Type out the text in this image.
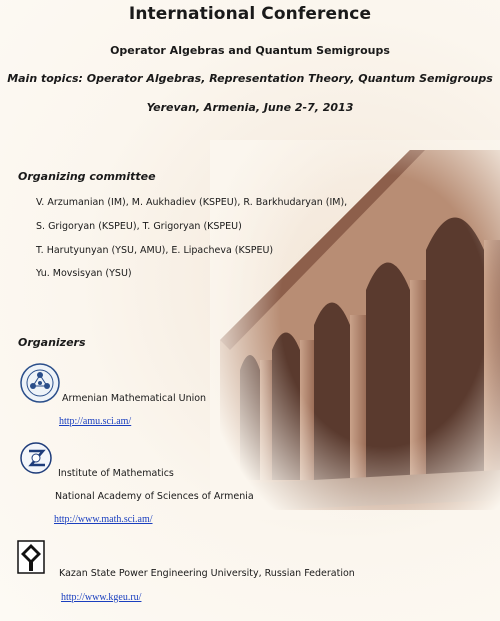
International Conference
Operator Algebras and Quantum Semigroups
Main topics: Operator Algebras, Representation Theory, Quantum Semigroups
Yerevan, Armenia, June 2-7, 2013
Organizing committee
V. Arzumanian (IM), M. Aukhadiev (KSPEU), R. Barkhudaryan (IM),
S. Grigoryan (KSPEU), T. Grigoryan (KSPEU)
T. Harutyunyan (YSU, AMU), E. Lipacheva (KSPEU)
Yu. Movsisyan (YSU)
Organizers
Armenian Mathematical Union
http://amu.sci.am/
Institute of Mathematics
National Academy of Sciences of Armenia
http://www.math.sci.am/
Kazan State Power Engineering University, Russian Federation
http://www.kgeu.ru/
